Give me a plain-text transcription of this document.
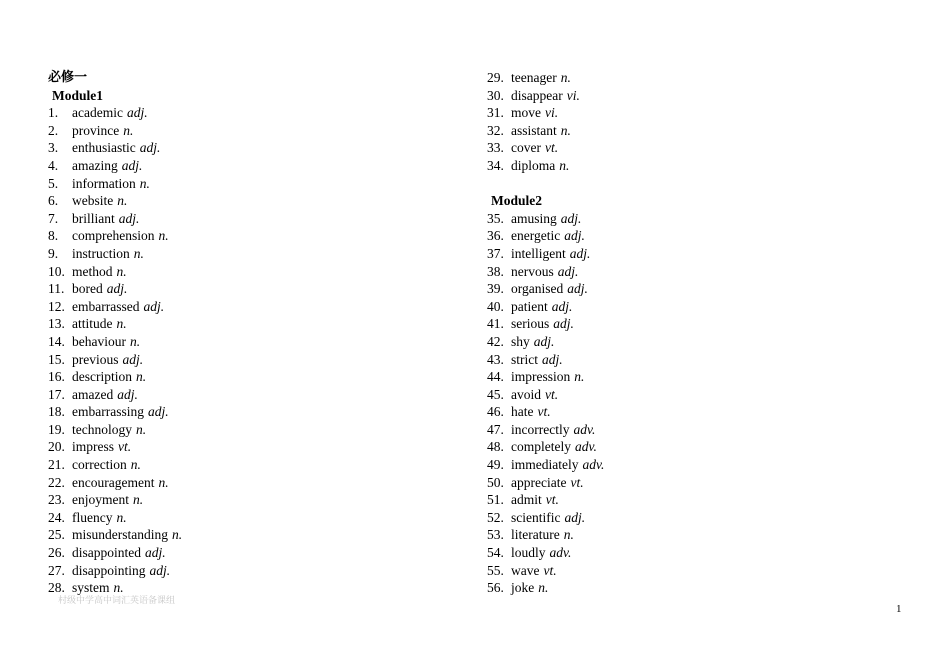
必修一
Module1
1.	academic adj.
2.	province n.
3.	enthusiastic adj.
4.	amazing adj.
5.	information n.
6.	website n.
7.	brilliant adj.
8.	comprehension n.
9.	instruction n.
10. method n.
11. bored adj.
12. embarrassed adj.
13. attitude n.
14. behaviour n.
15. previous adj.
16. description n.
17. amazed adj.
18. embarrassing adj.
19. technology n.
20. impress vt.
21. correction n.
22. encouragement n.
23. enjoyment n.
24. fluency n.
25. misunderstanding n.
26. disappointed adj.
27. disappointing adj.
28. system n.
29. teenager n.
30. disappear vi.
31. move vi.
32. assistant n.
33. cover vt.
34. diploma n.
Module2
35. amusing adj.
36. energetic adj.
37. intelligent adj.
38. nervous adj.
39. organised adj.
40. patient adj.
41. serious adj.
42. shy adj.
43. strict adj.
44. impression n.
45. avoid vt.
46. hate vt.
47. incorrectly adv.
48. completely adv.
49. immediately adv.
50. appreciate vt.
51. admit vt.
52. scientific adj.
53. literature n.
54. loudly adv.
55. wave vt.
56. joke n.
村级中学高中词汇英语备课组
1
